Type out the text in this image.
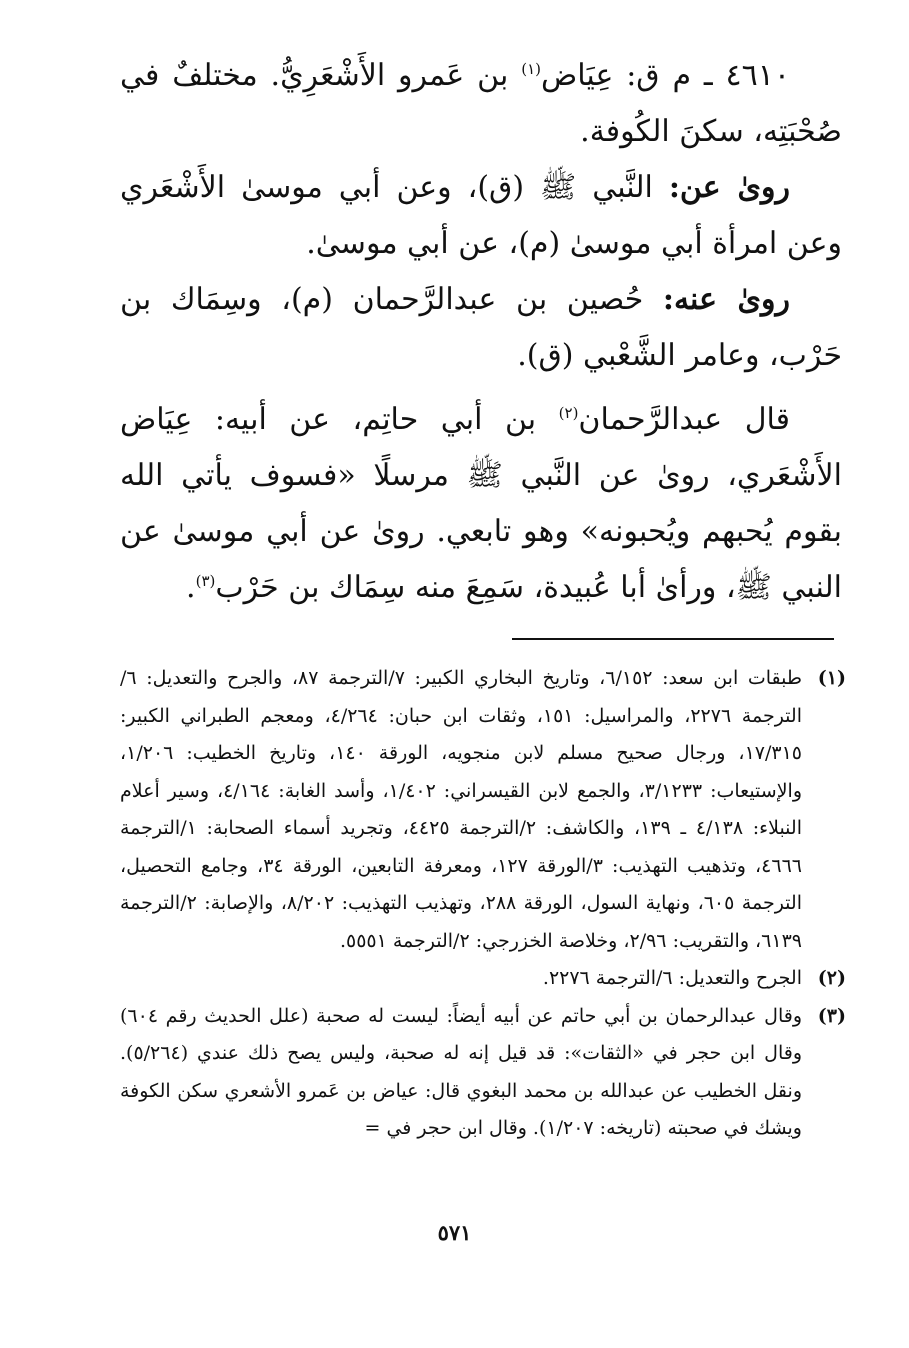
٤٦١٠ ـ م ق: عِيَاض$^{(١)}$ بن عَمرو الأَشْعَرِيُّ. مختلفٌ في صُحْبَتِه، سكنَ الكُوفة.

روىٰ عن: النَّبي ﷺ (ق)، وعن أبي موسىٰ الأَشْعَري وعن امرأة أبي موسىٰ (م)، عن أبي موسىٰ.

روىٰ عنه: حُصين بن عبدالرَّحمان (م)، وسِمَاك بن حَرْب، وعامر الشَّعْبي (ق).

قال عبدالرَّحمان$^{(٢)}$ بن أبي حاتِم، عن أبيه: عِيَاض الأَشْعَري، روىٰ عن النَّبي ﷺ مرسلًا «فسوف يأتي الله بقوم يُحبهم ويُحبونه» وهو تابعي. روىٰ عن أبي موسىٰ عن النبي ﷺ، ورأىٰ أبا عُبيدة، سَمِعَ منه سِمَاك بن حَرْب$^{(٣)}$.

(١)
طبقات ابن سعد: ٦/١٥٢، وتاريخ البخاري الكبير: ٧/الترجمة ٨٧، والجرح والتعديل: ٦/الترجمة ٢٢٧٦، والمراسيل: ١٥١، وثقات ابن حبان: ٤/٢٦٤، ومعجم الطبراني الكبير: ١٧/٣١٥، ورجال صحيح مسلم لابن منجويه، الورقة ١٤٠، وتاريخ الخطيب: ١/٢٠٦، والإستيعاب: ٣/١٢٣٣، والجمع لابن القيسراني: ١/٤٠٢، وأسد الغابة: ٤/١٦٤، وسير أعلام النبلاء: ٤/١٣٨ ـ ١٣٩، والكاشف: ٢/الترجمة ٤٤٢٥، وتجريد أسماء الصحابة: ١/الترجمة ٤٦٦٦، وتذهيب التهذيب: ٣/الورقة ١٢٧، ومعرفة التابعين، الورقة ٣٤، وجامع التحصيل، الترجمة ٦٠٥، ونهاية السول، الورقة ٢٨٨، وتهذيب التهذيب: ٨/٢٠٢، والإصابة: ٢/الترجمة ٦١٣٩، والتقريب: ٢/٩٦، وخلاصة الخزرجي: ٢/الترجمة ٥٥٥١.
(٢)
الجرح والتعديل: ٦/الترجمة ٢٢٧٦.
(٣)
وقال عبدالرحمان بن أبي حاتم عن أبيه أيضاً: ليست له صحبة (علل الحديث رقم ٦٠٤) وقال ابن حجر في «الثقات»: قد قيل إنه له صحبة، وليس يصح ذلك عندي (٥/٢٦٤). ونقل الخطيب عن عبدالله بن محمد البغوي قال: عياض بن عَمرو الأشعري سكن الكوفة ويشك في صحبته (تاريخه: ١/٢٠٧). وقال ابن حجر في =
٥٧١
